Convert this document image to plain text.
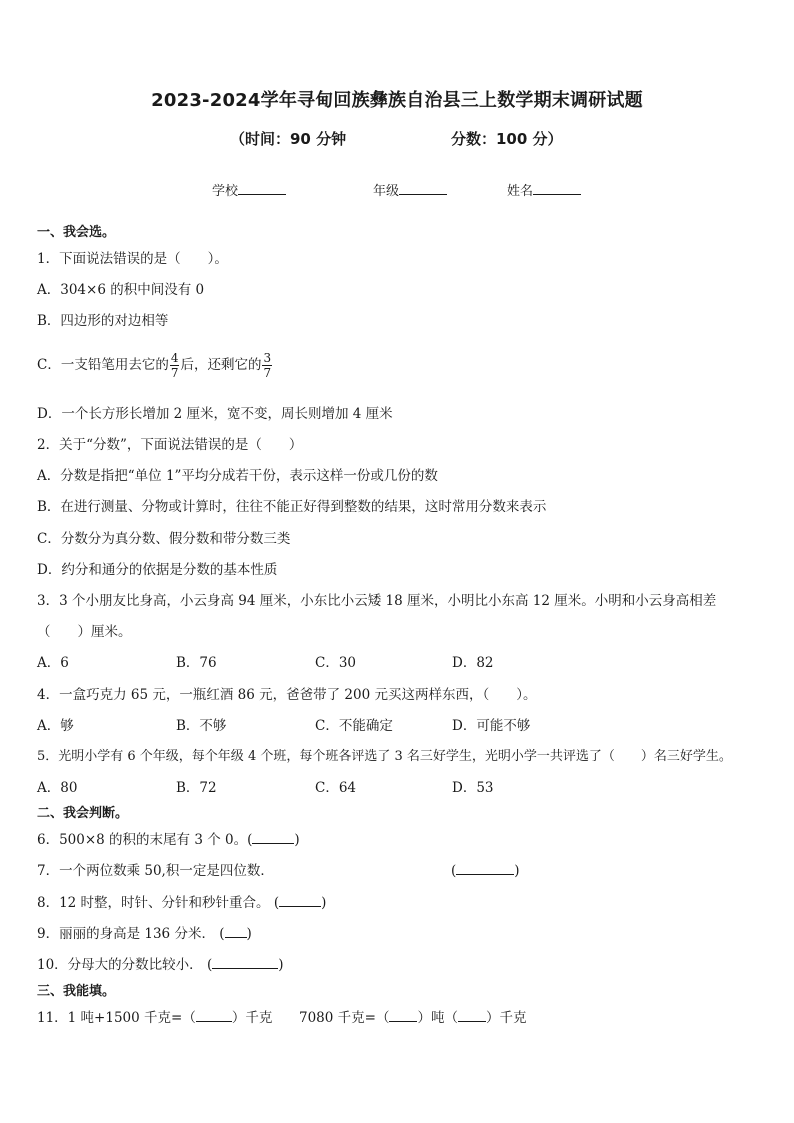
2023-2024学年寻甸回族彝族自治县三上数学期末调研试题
（时间：90 分钟	分数：100 分）
学校	年级	姓名
一、我会选。
1．下面说法错误的是（　　）。
A．304×6 的积中间没有 0
B．四边形的对边相等
C．一支铅笔用去它的 $\frac{4}{7}$ 后，还剩它的 $\frac{3}{7}$
D．一个长方形长增加 2 厘米，宽不变，周长则增加 4 厘米
2．关于“分数”，下面说法错误的是（　　）
A．分数是指把“单位 1”平均分成若干份，表示这样一份或几份的数
B．在进行测量、分物或计算时，往往不能正好得到整数的结果，这时常用分数来表示
C．分数分为真分数、假分数和带分数三类
D．约分和通分的依据是分数的基本性质
3．3 个小朋友比身高，小云身高 94 厘米，小东比小云矮 18 厘米，小明比小东高 12 厘米。小明和小云身高相差
（　　）厘米。
A．6	B．76	C．30	D．82
4．一盒巧克力 65 元，一瓶红酒 86 元，爸爸带了 200 元买这两样东西，（　　）。
A．够	B．不够	C．不能确定	D．可能不够
5．光明小学有 6 个年级，每个年级 4 个班，每个班各评选了 3 名三好学生，光明小学一共评选了（　　）名三好学生。
A．80	B．72	C．64	D．53
二、我会判断。
6．500×8 的积的末尾有 3 个 0。(	)
7．一个两位数乘 50,积一定是四位数．	(	)
8．12 时整，时针、分针和秒针重合。 (	)
9．丽丽的身高是 136 分米． ( )
10．分母大的分数比较小． (	)
三、我能填。
11．1 吨+1500 千克=（	）千克 7080 千克=（ ）吨（ ）千克
